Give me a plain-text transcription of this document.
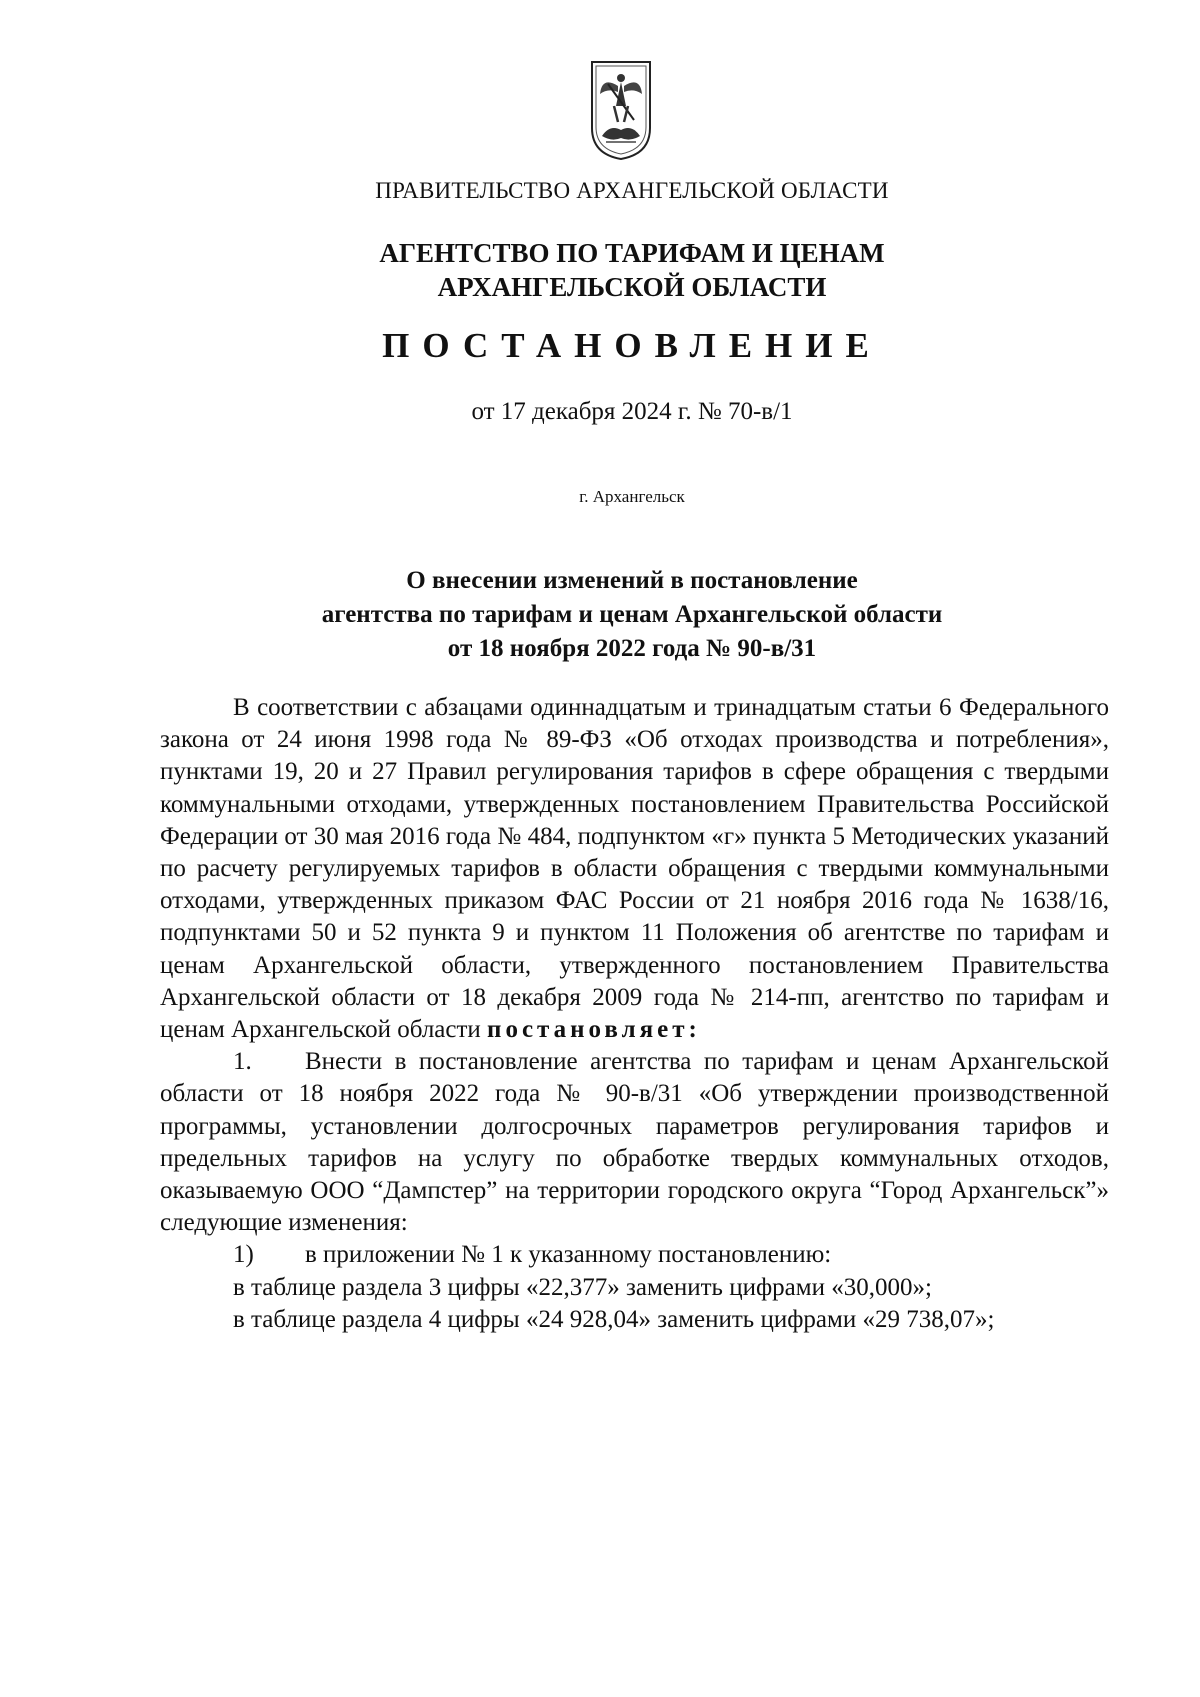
ПРАВИТЕЛЬСТВО АРХАНГЕЛЬСКОЙ ОБЛАСТИ
АГЕНТСТВО ПО ТАРИФАМ И ЦЕНАМ
АРХАНГЕЛЬСКОЙ ОБЛАСТИ
ПОСТАНОВЛЕНИЕ
от 17 декабря 2024 г. № 70-в/1
г. Архангельск
О внесении изменений в постановление
агентства по тарифам и ценам Архангельской области
от 18 ноября 2022 года № 90-в/31

В соответствии с абзацами одиннадцатым и тринадцатым статьи 6 Федерального закона от 24 июня 1998 года № 89-ФЗ «Об отходах производства и потребления», пунктами 19, 20 и 27 Правил регулирования тарифов в сфере обращения с твердыми коммунальными отходами, утвержденных постановлением Правительства Российской Федерации от 30 мая 2016 года № 484, подпунктом «г» пункта 5 Методических указаний по расчету регулируемых тарифов в области обращения с твердыми коммунальными отходами, утвержденных приказом ФАС России от 21 ноября 2016 года № 1638/16, подпунктами 50 и 52 пункта 9 и пунктом 11 Положения об агентстве по тарифам и ценам Архангельской области, утвержденного постановлением Правительства Архангельской области от 18 декабря 2009 года № 214-пп, агентство по тарифам и ценам Архангельской области постановляет:

1. Внести в постановление агентства по тарифам и ценам Архангельской области от 18 ноября 2022 года № 90-в/31 «Об утверждении производственной программы, установлении долгосрочных параметров регулирования тарифов и предельных тарифов на услугу по обработке твердых коммунальных отходов, оказываемую ООО “Дампстер” на территории городского округа “Город Архангельск”» следующие изменения:

1) в приложении № 1 к указанному постановлению:

в таблице раздела 3 цифры «22,377» заменить цифрами «30,000»;

в таблице раздела 4 цифры «24 928,04» заменить цифрами «29 738,07»;
